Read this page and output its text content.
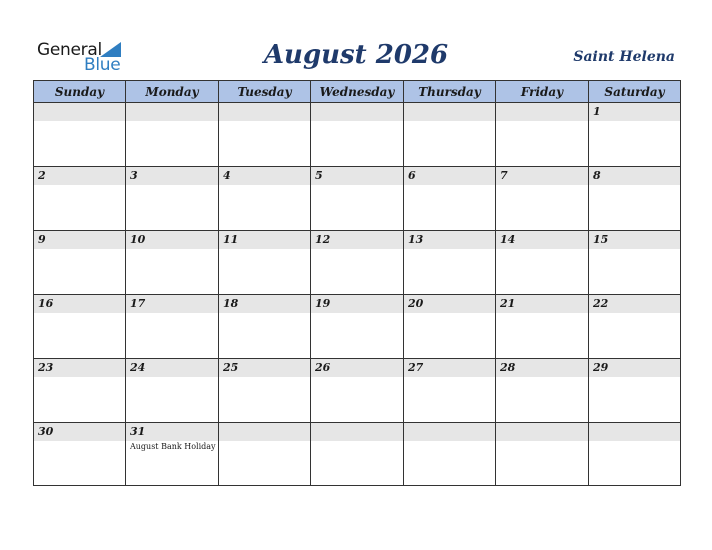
General
Blue	August 2026	Saint Helena
Sunday	Monday	Tuesday	Wednesday	Thursday	Friday	Saturday

						1

2	3	4	5	6	7	8

9	10	11	12	13	14	15

16	17	18	19	20	21	22

23	24	25	26	27	28	29

30	31
August Bank Holiday					
